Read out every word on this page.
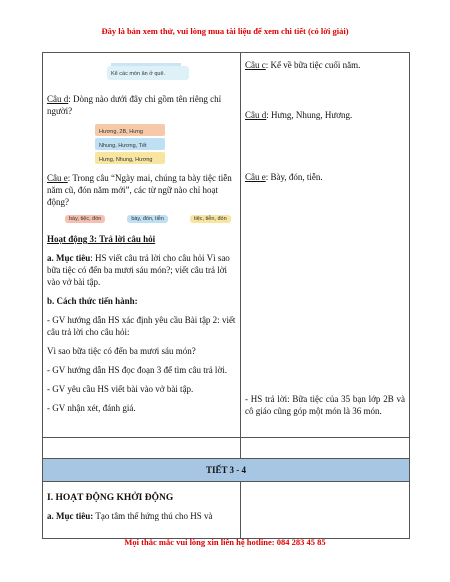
Đây là bản xem thử, vui lòng mua tài liệu để xem chi tiết (có lời giải)
Kể các món ăn ở quê.

Câu d: Dòng nào dưới đây chỉ gồm tên riêng chỉ người?

Hương, 2B, Hưng
Nhung, Hương, Tết
Hưng, Nhung, Hương

Câu e: Trong câu “Ngày mai, chúng ta bày tiệc tiễn năm cũ, đón năm mới”, các từ ngữ nào chỉ hoạt động?

bày, tiệc, đón	bày, đón, tiễn	tiệc, tiễn, đón

Hoạt động 3: Trả lời câu hỏi

a. Mục tiêu: HS viết câu trả lời cho câu hỏi Vì sao bữa tiệc có đến ba mươi sáu món?; viết câu trả lời vào vở bài tập.

b. Cách thức tiến hành:

- GV hướng dẫn HS xác định yêu cầu Bài tập 2: viết câu trả lời cho câu hỏi:

Vì sao bữa tiệc có đến ba mươi sáu món?

- GV hướng dẫn HS đọc đoạn 3 để tìm câu trả lời.

- GV yêu cầu HS viết bài vào vở bài tập.

- GV nhận xét, đánh giá.

Câu c: Kể về bữa tiệc cuối năm.

Câu d: Hưng, Nhung, Hương.

Câu e: Bày, đón, tiễn.

- HS trả lời: Bữa tiệc của 35 bạn lớp 2B và cô giáo cũng góp một món là 36 món.

TIẾT 3 - 4

I. HOẠT ĐỘNG KHỞI ĐỘNG

a. Mục tiêu: Tạo tâm thế hứng thú cho HS và

Mọi thắc mắc vui lòng xin liên hệ hotline: 084 283 45 85
